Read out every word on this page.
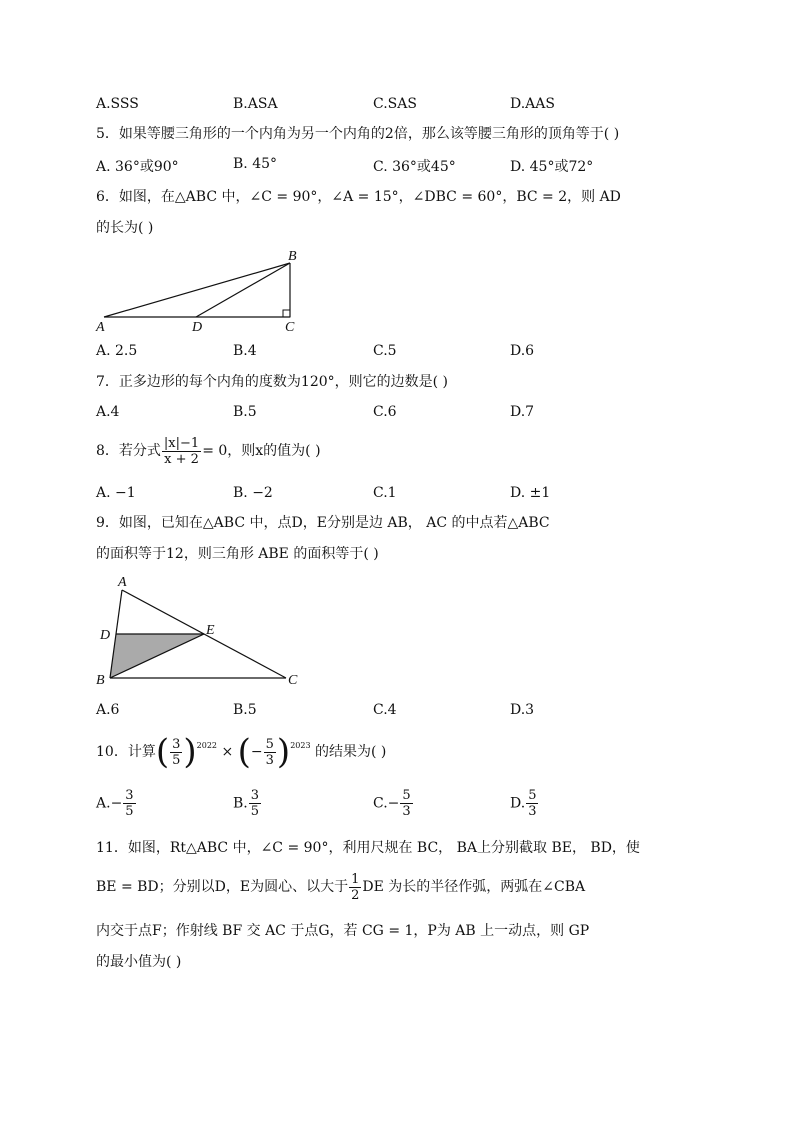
A.SSS	B.ASA	C.SAS	D.AAS
5．如果等腰三角形的一个内角为另一个内角的2倍，那么该等腰三角形的顶角等于( )
A. 36°或90°	B. 45°	C. 36°或45°	D. 45°或72°
6．如图，在△ABC 中，∠C = 90°，∠A = 15°，∠DBC = 60°，BC = 2，则 AD
的长为( )
A
B
C
D
A. 2.5	B.4	C.5	D.6
7．正多边形的每个内角的度数为120°，则它的边数是( )
A.4	B.5	C.6	D.7
8．若分式 $\frac{|x|-1}{x + 2} = 0$，则x的值为( )
A. −1	B. −2	C.1	D. ±1
9．如图，已知在△ABC 中，点D，E分别是边 AB， AC 的中点若△ABC
的面积等于12，则三角形 ABE 的面积等于( )
A
B	C
D	E
A.6	B.5	C.4	D.3
10．计算( $\frac{3}{5} )^{2022}$ × (− $\frac{5}{3} )^{2023}$ 的结果为( )
$A.- \frac{3}{5}$	B. $\frac{3}{5}$	$C.- \frac{5}{3}$	D. $\frac{5}{3}$
11．如图，Rt△ABC 中，∠C = 90°，利用尺规在 BC， BA上分别截取 BE， BD，使
BE = BD；分别以D，E为圆心、以大于 $\frac{1}{2}$ DE 为长的半径作弧，两弧在∠CBA
内交于点F；作射线 BF 交 AC 于点G，若 CG = 1，P为 AB 上一动点，则 GP
的最小值为( )
